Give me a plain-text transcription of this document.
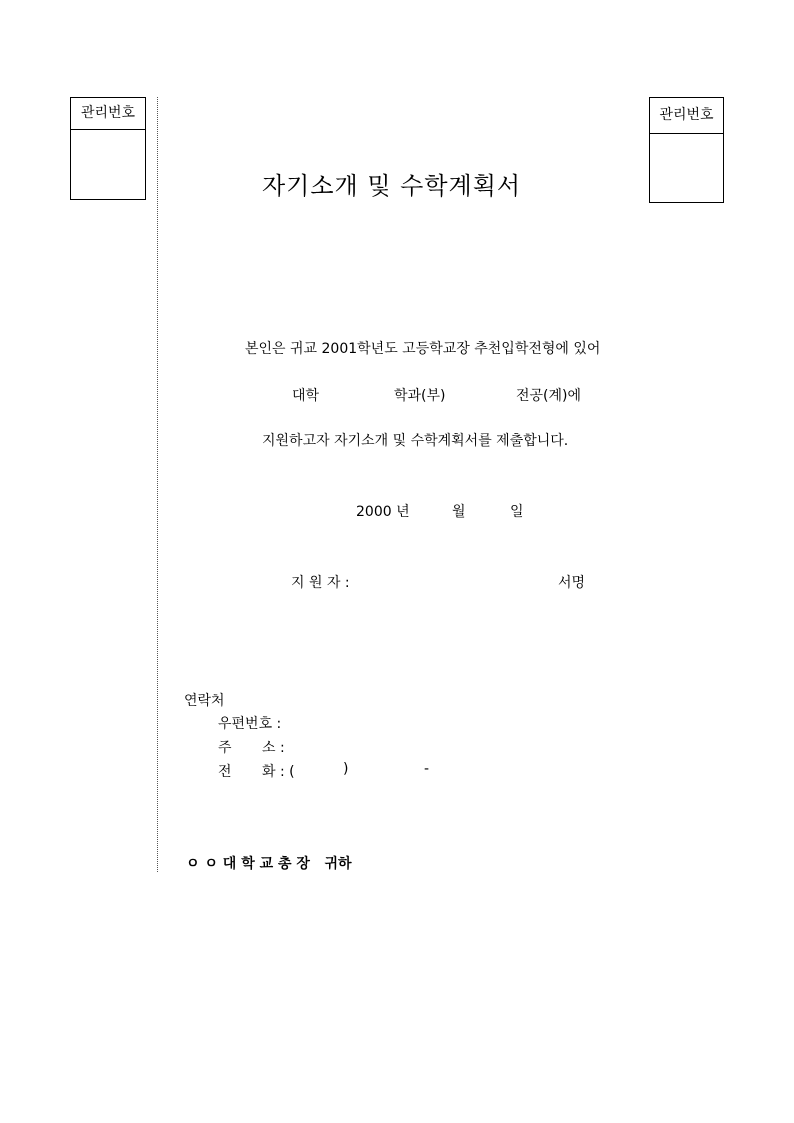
관리번호	관리번호
자기소개 및 수학계획서
본인은 귀교 2001학년도 고등학교장 추천입학전형에 있어
대학	학과(부)	전공(계)에
지원하고자 자기소개 및 수학계획서를 제출합니다.
2000 년	월	일
지 원 자 :	서명
연락처
우편번호 :
주 소 :
전 화 : (	)	-
ㅇ ㅇ 대 학 교 총 장   귀하
